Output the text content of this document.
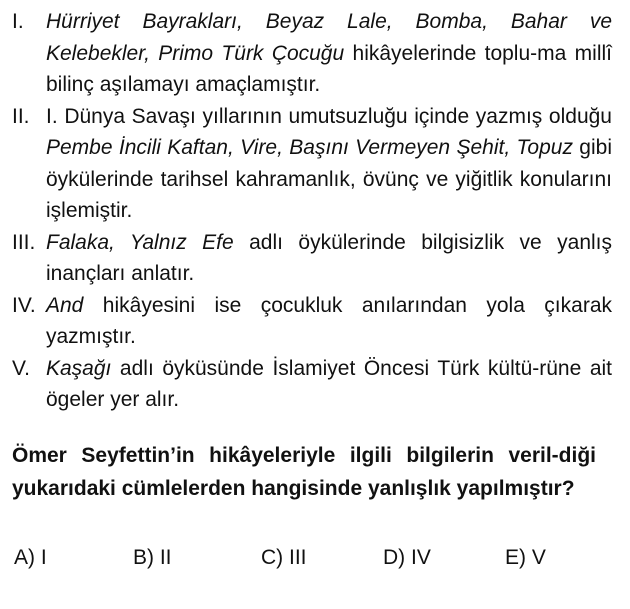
I.	Hürriyet Bayrakları, Beyaz Lale, Bomba, Bahar ve Kelebekler, Primo Türk Çocuğu hikâyelerinde toplu-ma millî bilinç aşılamayı amaçlamıştır.
II. I. Dünya Savaşı yıllarının umutsuzluğu içinde yazmış olduğu Pembe İncili Kaftan, Vire, Başını Vermeyen Şehit, Topuz gibi öykülerinde tarihsel kahramanlık, övünç ve yiğitlik konularını işlemiştir.
III. Falaka, Yalnız Efe adlı öykülerinde bilgisizlik ve yanlış inançları anlatır.
IV. And hikâyesini ise çocukluk anılarından yola çıkarak yazmıştır.
V. Kaşağı adlı öyküsünde İslamiyet Öncesi Türk kültü-rüne ait ögeler yer alır.
Ömer Seyfettin’in hikâyeleriyle ilgili bilgilerin veril-diği yukarıdaki cümlelerden hangisinde yanlışlık yapılmıştır?
A) I	B) II	C) III	D) IV	E) V
